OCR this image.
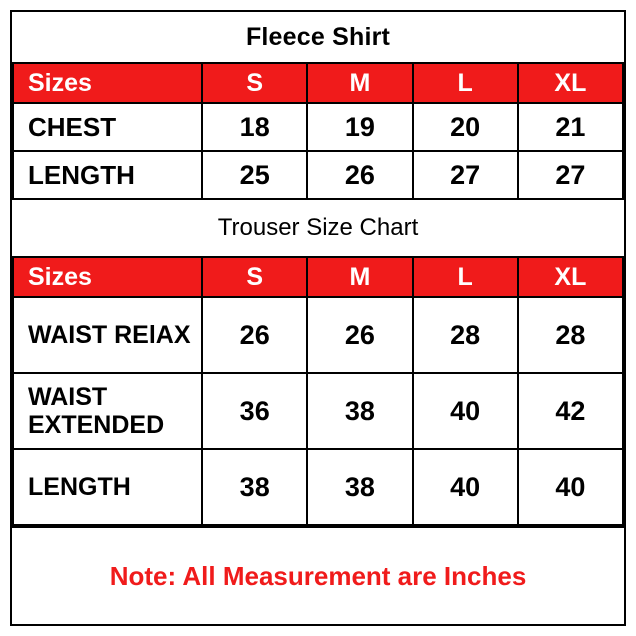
Fleece Shirt
Sizes	S	M	L	XL
CHEST	18	19	20	21
LENGTH	25	26	27	27
Trouser Size Chart
Sizes	S	M	L	XL
WAIST RElAX	26	26	28	28
WAIST EXTENDED	36	38	40	42
LENGTH	38	38	40	40
Note: All Measurement are Inches
